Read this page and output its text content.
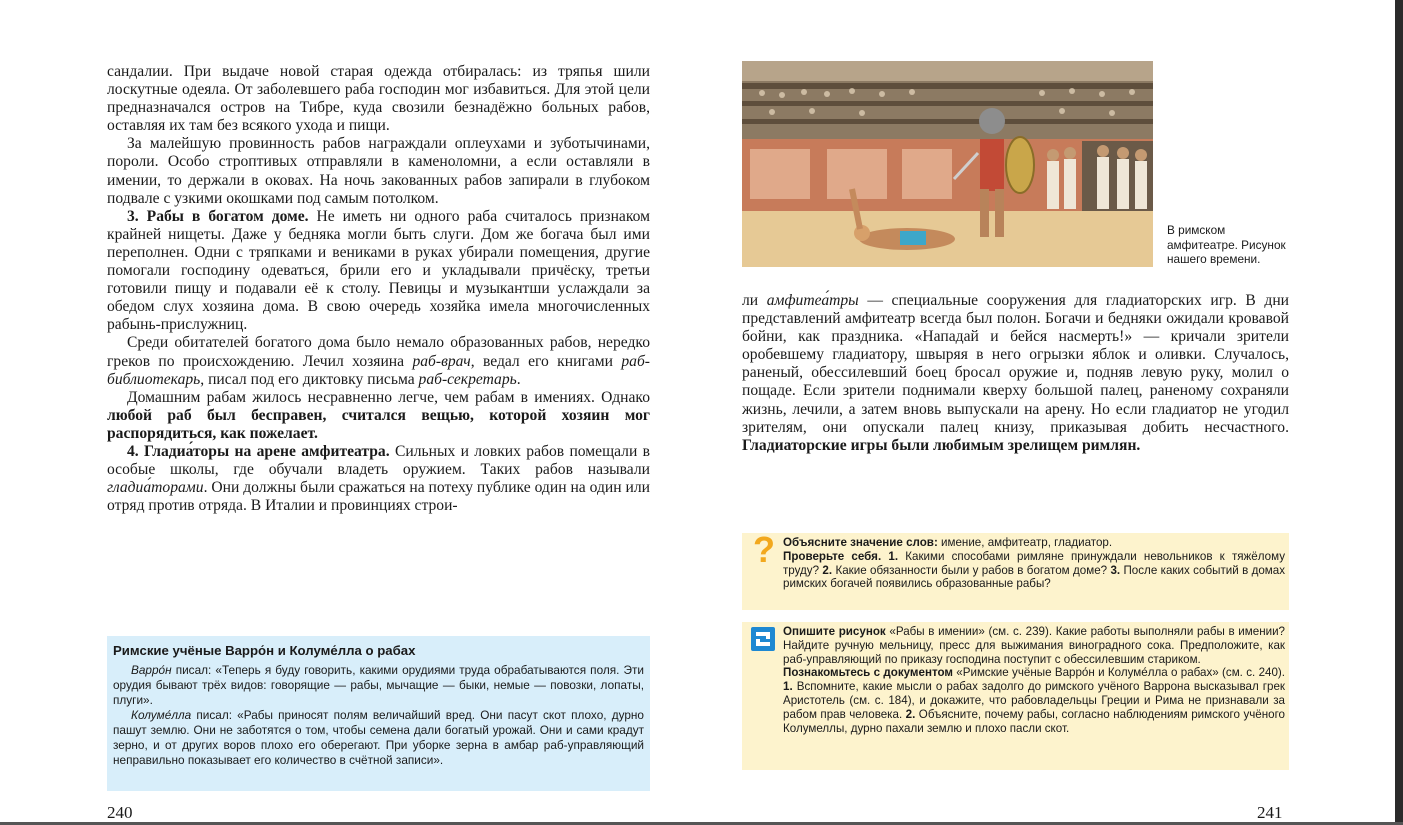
сандалии. При выдаче новой старая одежда отбиралась: из тряпья шили лоскутные одеяла. От заболевшего раба господин мог избавиться. Для этой цели предназначался остров на Тибре, куда свозили безнадёжно больных рабов, оставляя их там без всякого ухода и пищи.

За малейшую провинность рабов награждали оплеухами и зуботычинами, пороли. Особо строптивых отправляли в каменоломни, а если оставляли в имении, то держали в оковах. На ночь закованных рабов запирали в глубоком подвале с узкими окошками под самым потолком.

3. Рабы в богатом доме. Не иметь ни одного раба считалось признаком крайней нищеты. Даже у бедняка могли быть слуги. Дом же богача был ими переполнен. Одни с тряпками и вениками в руках убирали помещения, другие помогали господину одеваться, брили его и укладывали причёску, третьи готовили пищу и подавали её к столу. Певицы и музыкантши услаждали за обедом слух хозяина дома. В свою очередь хозяйка имела многочисленных рабынь-прислужниц.

Среди обитателей богатого дома было немало образованных рабов, нередко греков по происхождению. Лечил хозяина раб-врач, ведал его книгами раб-библиотекарь, писал под его диктовку письма раб-секретарь.

Домашним рабам жилось несравненно легче, чем рабам в имениях. Однако любой раб был бесправен, считался вещью, которой хозяин мог распорядиться, как пожелает.

4. Гладиа́торы на арене амфитеатра. Сильных и ловких рабов помещали в особые школы, где обучали владеть оружием. Таких рабов называли гладиа́торами. Они должны были сражаться на потеху публике один на один или отряд против отряда. В Италии и провинциях строи-

Римские учёные Варро́н и Колуме́лла о рабах

Варро́н писал: «Теперь я буду говорить, какими орудиями труда обрабатываются поля. Эти орудия бывают трёх видов: говорящие — рабы, мычащие — быки, немые — повозки, лопаты, плуги».

Колуме́лла писал: «Рабы приносят полям величайший вред. Они пасут скот плохо, дурно пашут землю. Они не заботятся о том, чтобы семена дали богатый урожай. Они и сами крадут зерно, и от других воров плохо его оберегают. При уборке зерна в амбар раб-управляющий неправильно показывает его количество в счётной записи».

240
В римском амфитеатре. Рисунок нашего времени.

ли амфитеа́тры — специальные сооружения для гладиаторских игр. В дни представлений амфитеатр всегда был полон. Богачи и бедняки ожидали кровавой бойни, как праздника. «Нападай и бейся насмерть!» — кричали зрители оробевшему гладиатору, швыряя в него огрызки яблок и оливки. Случалось, раненый, обессилевший боец бросал оружие и, подняв левую руку, молил о пощаде. Если зрители поднимали кверху большой палец, раненому сохраняли жизнь, лечили, а затем вновь выпускали на арену. Но если гладиатор не угодил зрителям, они опускали палец книзу, приказывая добить несчастного. Гладиаторские игры были любимым зрелищем римлян.

Объясните значение слов: имение, амфитеатр, гладиатор.

Проверьте себя. 1. Какими способами римляне принуждали невольников к тяжёлому труду? 2. Какие обязанности были у рабов в богатом доме? 3. После каких событий в домах римских богачей появились образованные рабы?

?

Опишите рисунок «Рабы в имении» (см. с. 239). Какие работы выполняли рабы в имении? Найдите ручную мельницу, пресс для выжимания виноградного сока. Предположите, как раб-управляющий по приказу господина поступит с обессилевшим стариком.

Познакомьтесь с документом «Римские учёные Варро́н и Колуме́лла о рабах» (см. с. 240). 1. Вспомните, какие мысли о рабах задолго до римского учёного Варрона высказывал грек Аристотель (см. с. 184), и докажите, что рабовладельцы Греции и Рима не признавали за рабом прав человека. 2. Объясните, почему рабы, согласно наблюдениям римского учёного Колумеллы, дурно пахали землю и плохо пасли скот.

241
